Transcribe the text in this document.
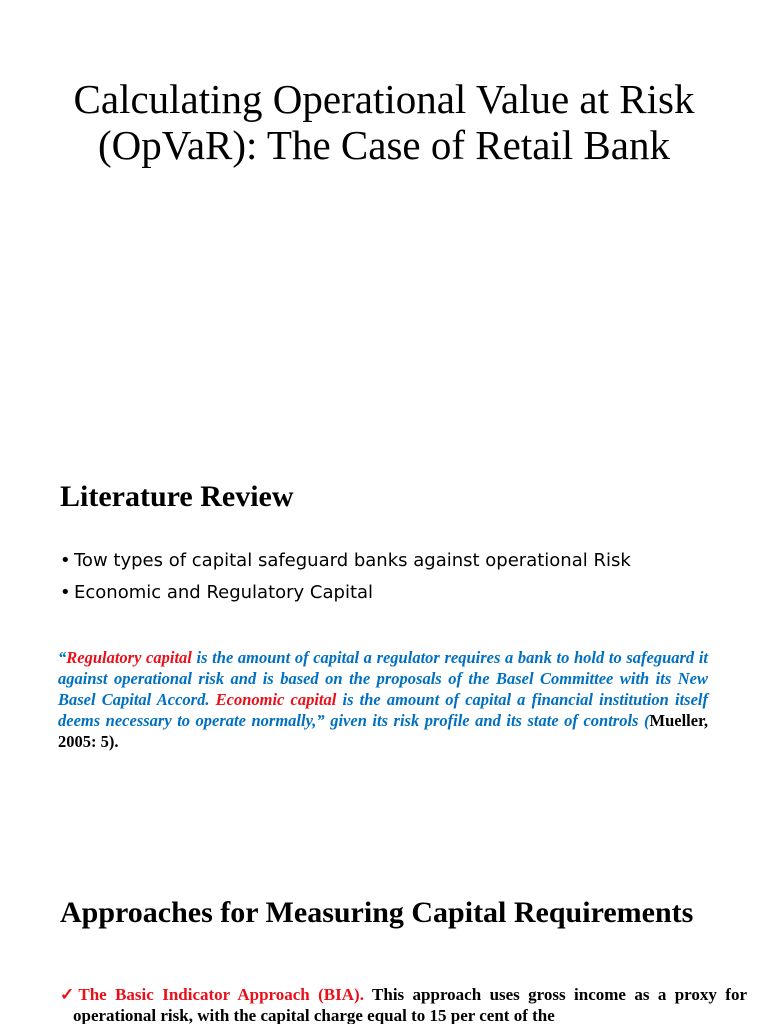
Calculating Operational Value at Risk (OpVaR): The Case of Retail Bank
Literature Review
• Tow types of capital safeguard banks against operational Risk
• Economic and Regulatory Capital

“Regulatory capital is the amount of capital a regulator requires a bank to hold to safeguard it against operational risk and is based on the proposals of the Basel Committee with its New Basel Capital Accord. Economic capital is the amount of capital a financial institution itself deems necessary to operate normally,” given its risk profile and its state of controls (Mueller, 2005: 5).

Approaches for Measuring Capital Requirements

✓The Basic Indicator Approach (BIA). This approach uses gross income as a proxy for operational risk, with the capital charge equal to 15 per cent of the
